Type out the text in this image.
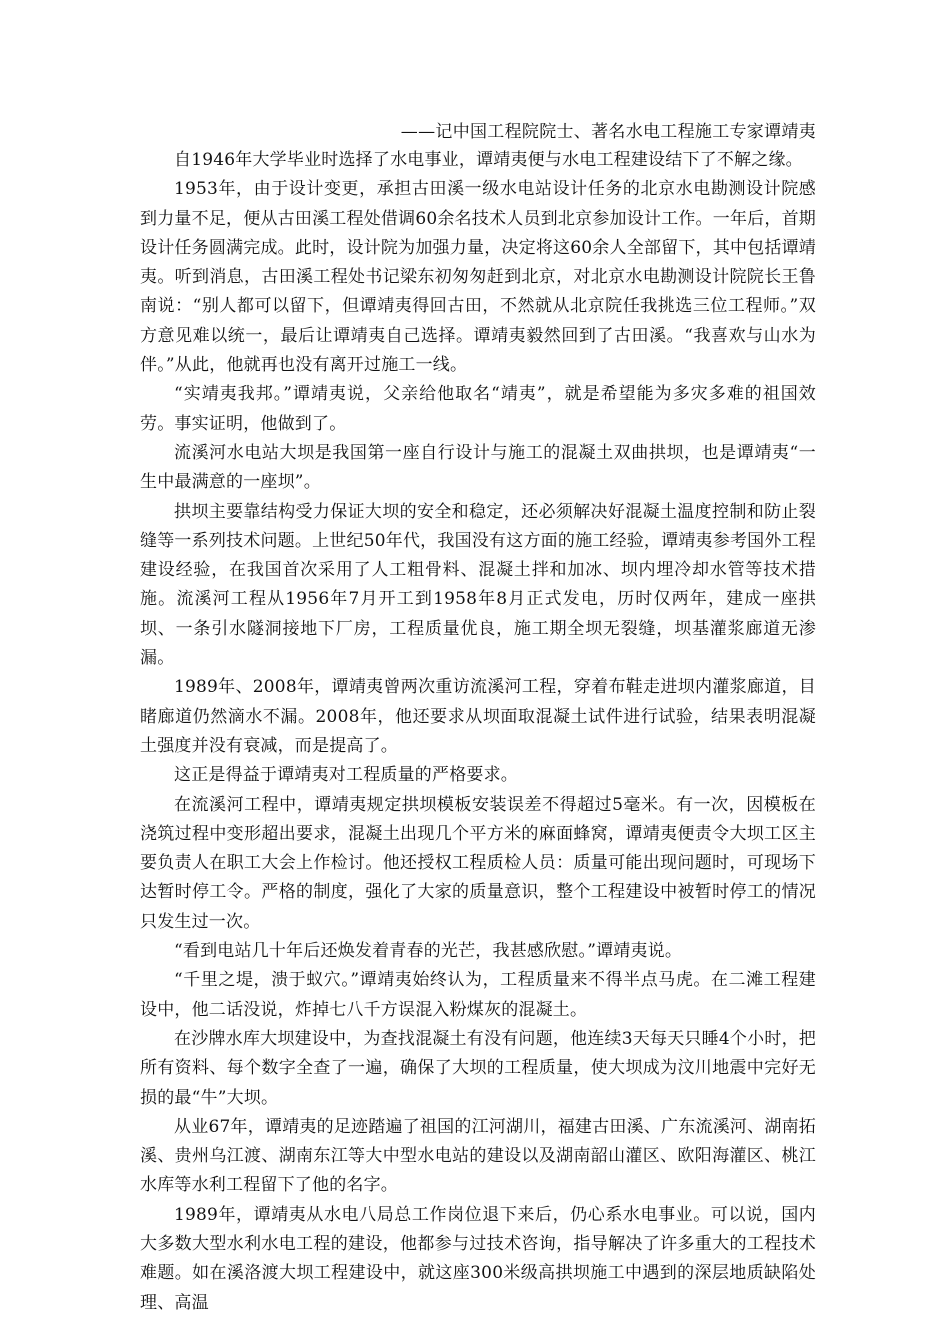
——记中国工程院院士、著名水电工程施工专家谭靖夷

自1946年大学毕业时选择了水电事业，谭靖夷便与水电工程建设结下了不解之缘。

1953年，由于设计变更，承担古田溪一级水电站设计任务的北京水电勘测设计院感到力量不足，便从古田溪工程处借调60余名技术人员到北京参加设计工作。一年后，首期设计任务圆满完成。此时，设计院为加强力量，决定将这60余人全部留下，其中包括谭靖夷。听到消息，古田溪工程处书记梁东初匆匆赶到北京，对北京水电勘测设计院院长王鲁南说：“别人都可以留下，但谭靖夷得回古田，不然就从北京院任我挑选三位工程师。”双方意见难以统一，最后让谭靖夷自己选择。谭靖夷毅然回到了古田溪。“我喜欢与山水为伴。”从此，他就再也没有离开过施工一线。

“实靖夷我邦。”谭靖夷说，父亲给他取名“靖夷”，就是希望能为多灾多难的祖国效劳。事实证明，他做到了。

流溪河水电站大坝是我国第一座自行设计与施工的混凝土双曲拱坝，也是谭靖夷“一生中最满意的一座坝”。

拱坝主要靠结构受力保证大坝的安全和稳定，还必须解决好混凝土温度控制和防止裂缝等一系列技术问题。上世纪50年代，我国没有这方面的施工经验，谭靖夷参考国外工程建设经验，在我国首次采用了人工粗骨料、混凝土拌和加冰、坝内埋冷却水管等技术措施。流溪河工程从1956年7月开工到1958年8月正式发电，历时仅两年，建成一座拱坝、一条引水隧洞接地下厂房，工程质量优良，施工期全坝无裂缝，坝基灌浆廊道无渗漏。

1989年、2008年，谭靖夷曾两次重访流溪河工程，穿着布鞋走进坝内灌浆廊道，目睹廊道仍然滴水不漏。2008年，他还要求从坝面取混凝土试件进行试验，结果表明混凝土强度并没有衰减，而是提高了。

这正是得益于谭靖夷对工程质量的严格要求。

在流溪河工程中，谭靖夷规定拱坝模板安装误差不得超过5毫米。有一次，因模板在浇筑过程中变形超出要求，混凝土出现几个平方米的麻面蜂窝，谭靖夷便责令大坝工区主要负责人在职工大会上作检讨。他还授权工程质检人员：质量可能出现问题时，可现场下达暂时停工令。严格的制度，强化了大家的质量意识，整个工程建设中被暂时停工的情况只发生过一次。

“看到电站几十年后还焕发着青春的光芒，我甚感欣慰。”谭靖夷说。

“千里之堤，溃于蚁穴。”谭靖夷始终认为，工程质量来不得半点马虎。在二滩工程建设中，他二话没说，炸掉七八千方误混入粉煤灰的混凝土。

在沙牌水库大坝建设中，为查找混凝土有没有问题，他连续3天每天只睡4个小时，把所有资料、每个数字全查了一遍，确保了大坝的工程质量，使大坝成为汶川地震中完好无损的最“牛”大坝。

从业67年，谭靖夷的足迹踏遍了祖国的江河湖川，福建古田溪、广东流溪河、湖南拓溪、贵州乌江渡、湖南东江等大中型水电站的建设以及湖南韶山灌区、欧阳海灌区、桃江水库等水利工程留下了他的名字。

1989年，谭靖夷从水电八局总工作岗位退下来后，仍心系水电事业。可以说，国内大多数大型水利水电工程的建设，他都参与过技术咨询，指导解决了许多重大的工程技术难题。如在溪洛渡大坝工程建设中，就这座300米级高拱坝施工中遇到的深层地质缺陷处理、高温
